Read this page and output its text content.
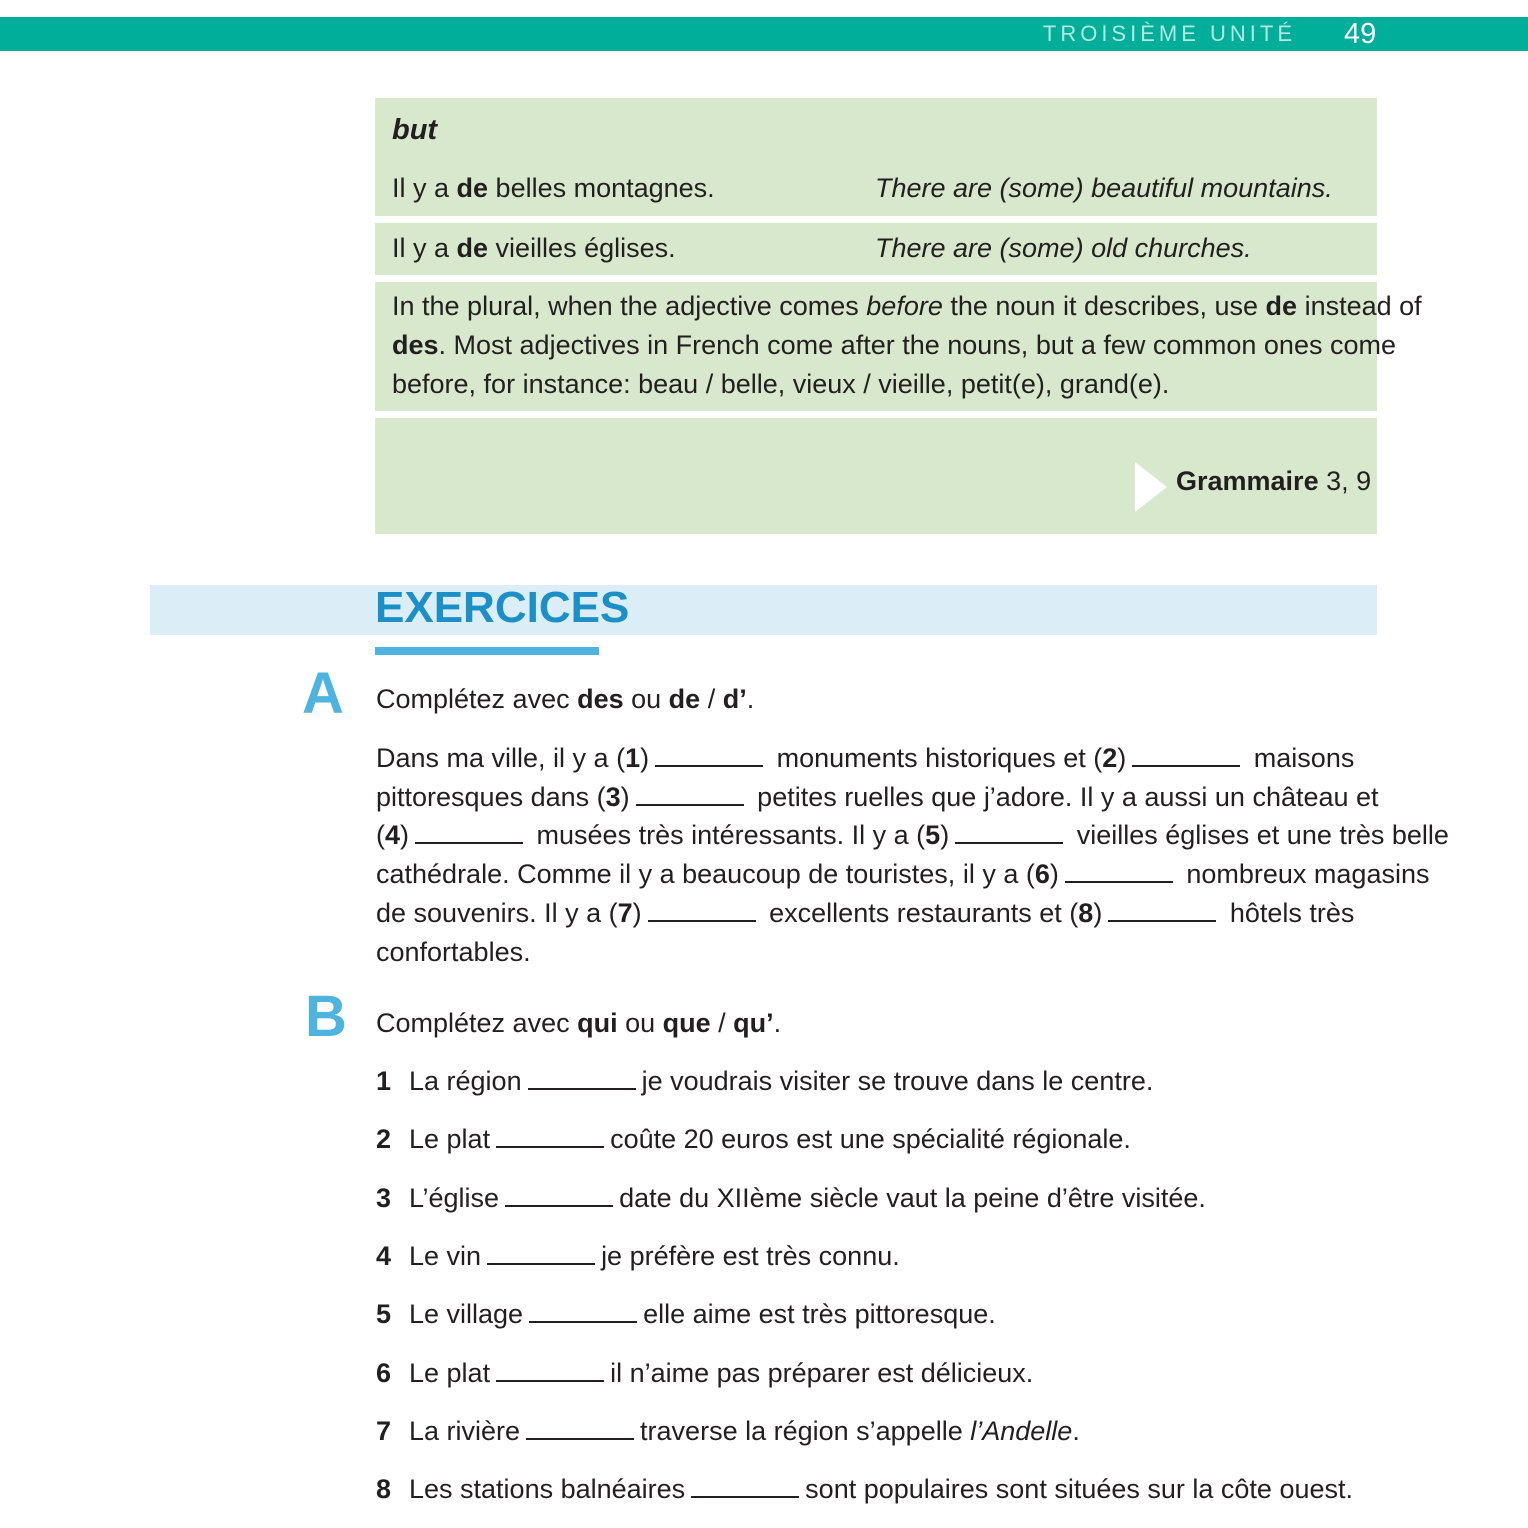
TROISIÈME UNITÉ 49
but
Il y a de belles montagnes.	There are (some) beautiful mountains.
Il y a de vieilles églises.	There are (some) old churches.
In the plural, when the adjective comes before the noun it describes, use de instead of
des. Most adjectives in French come after the nouns, but a few common ones come
before, for instance: beau / belle, vieux / vieille, petit(e), grand(e).
Grammaire 3, 9
EXERCICES
A Complétez avec des ou de / d’.
Dans ma ville, il y a (1)	monuments historiques et (2)	maisons
pittoresques dans (3)	petites ruelles que j’adore. Il y a aussi un château et
(4)	musées très intéressants. Il y a (5)	vieilles églises et une très belle
cathédrale. Comme il y a beaucoup de touristes, il y a (6)	nombreux magasins
de souvenirs. Il y a (7)	excellents restaurants et (8)	hôtels très
confortables.
B Complétez avec qui ou que / qu’.
1 La région	je voudrais visiter se trouve dans le centre.
2 Le plat	coûte 20 euros est une spécialité régionale.
3 L’église	date du XIIème siècle vaut la peine d’être visitée.
4 Le vin	je préfère est très connu.
5 Le village	elle aime est très pittoresque.
6 Le plat	il n’aime pas préparer est délicieux.
7 La rivière	traverse la région s’appelle l’Andelle.
8 Les stations balnéaires	sont populaires sont situées sur la côte ouest.
